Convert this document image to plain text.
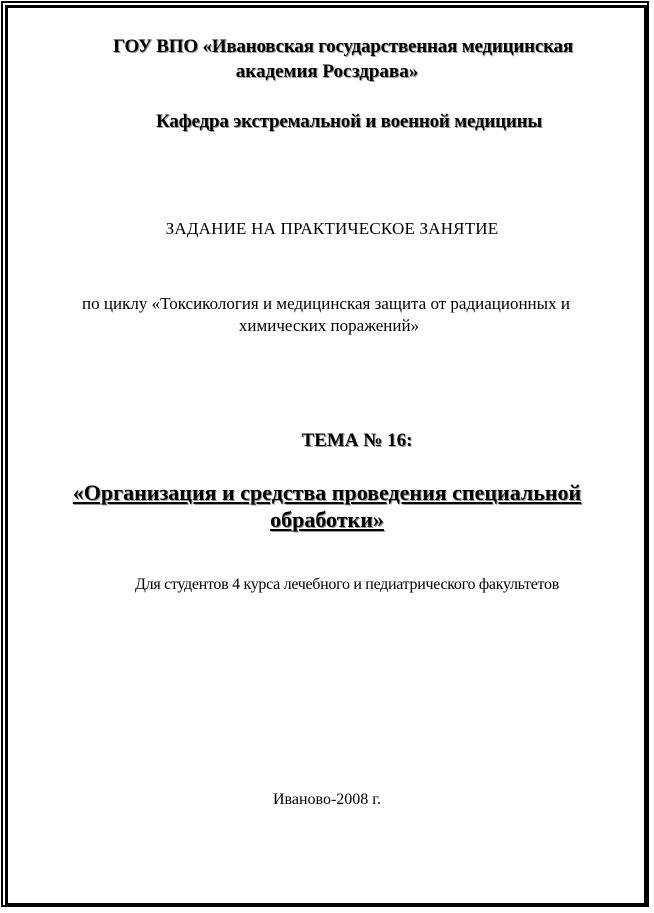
ГОУ ВПО «Ивановская государственная медицинская
академия Росздрава»
Кафедра экстремальной и военной медицины
ЗАДАНИЕ НА ПРАКТИЧЕСКОЕ ЗАНЯТИЕ
по циклу «Токсикология и медицинская защита от радиационных и
химических поражений»
ТЕМА № 16:
«Организация и средства проведения специальной
обработки»
Для студентов 4 курса лечебного и педиатрического факультетов
Иваново-2008 г.
